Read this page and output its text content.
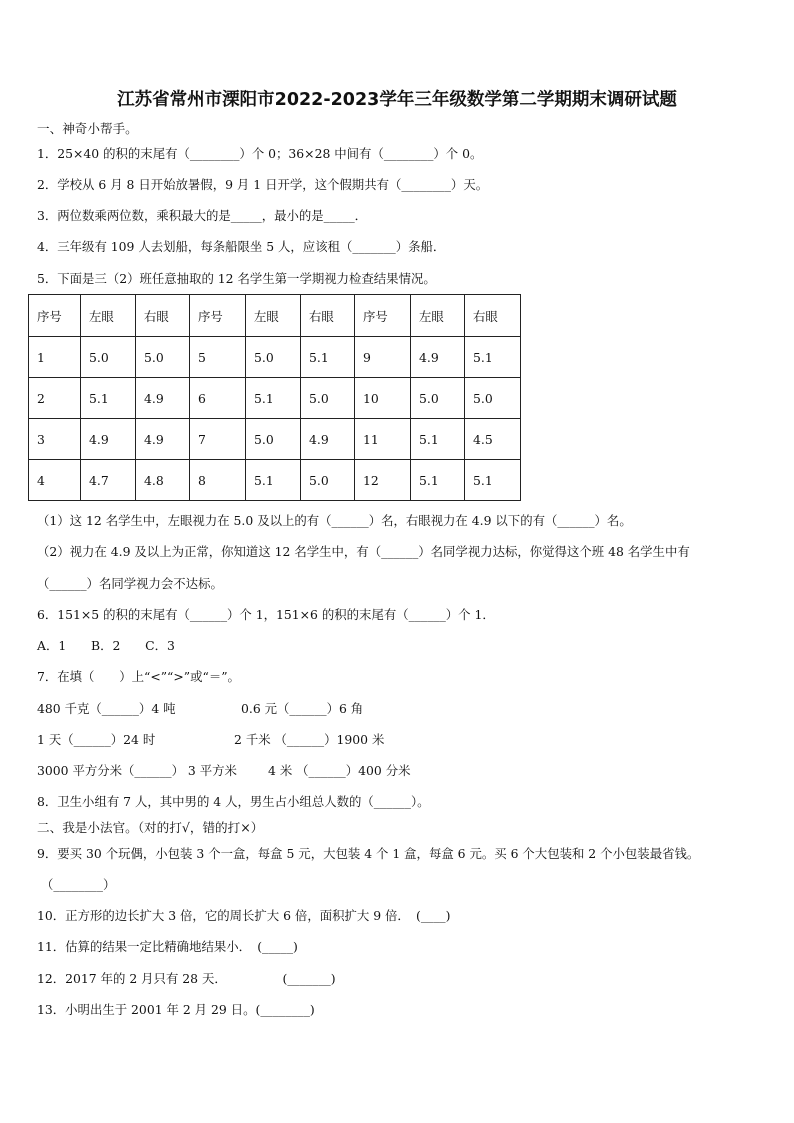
江苏省常州市溧阳市2022-2023学年三年级数学第二学期期末调研试题
一、神奇小帮手。
1．25×40 的积的末尾有（________）个 0；36×28 中间有（________）个 0。
2．学校从 6 月 8 日开始放暑假，9 月 1 日开学，这个假期共有（________）天。
3．两位数乘两位数，乘积最大的是_____，最小的是_____．
4．三年级有 109 人去划船，每条船限坐 5 人，应该租（_______）条船．
5．下面是三（2）班任意抽取的 12 名学生第一学期视力检查结果情况。
序号	左眼	右眼	序号	左眼	右眼	序号	左眼	右眼
1	5.0	5.0	5	5.0	5.1	9	4.9	5.1
2	5.1	4.9	6	5.1	5.0	10	5.0	5.0
3	4.9	4.9	7	5.0	4.9	11	5.1	4.5
4	4.7	4.8	8	5.1	5.0	12	5.1	5.1
（1）这 12 名学生中，左眼视力在 5.0 及以上的有（______）名，右眼视力在 4.9 以下的有（______）名。
（2）视力在 4.9 及以上为正常，你知道这 12 名学生中，有（______）名同学视力达标，你觉得这个班 48 名学生中有
（______）名同学视力会不达标。
6．151×5 的积的末尾有（______）个 1，151×6 的积的末尾有（______）个 1．
A．1　　B．2　　C．3
7．在填（　　）上“<”“>”或“＝”。
480 千克（______）4 吨	0.6 元（______）6 角
1 天（______）24 时	2 千米 （______）1900 米
3000 平方分米（______） 3 平方米	4 米 （______）400 分米
8．卫生小组有 7 人，其中男的 4 人，男生占小组总人数的（______）。
二、我是小法官。（对的打√，错的打×）
9．要买 30 个玩偶，小包装 3 个一盒，每盒 5 元，大包装 4 个 1 盒，每盒 6 元。买 6 个大包装和 2 个小包装最省钱。
（________）
10．正方形的边长扩大 3 倍，它的周长扩大 6 倍，面积扩大 9 倍．　(____)
11．估算的结果一定比精确地结果小．　(_____)
12．2017 年的 2 月只有 28 天．　　　　　(_______)
13．小明出生于 2001 年 2 月 29 日。(________)
